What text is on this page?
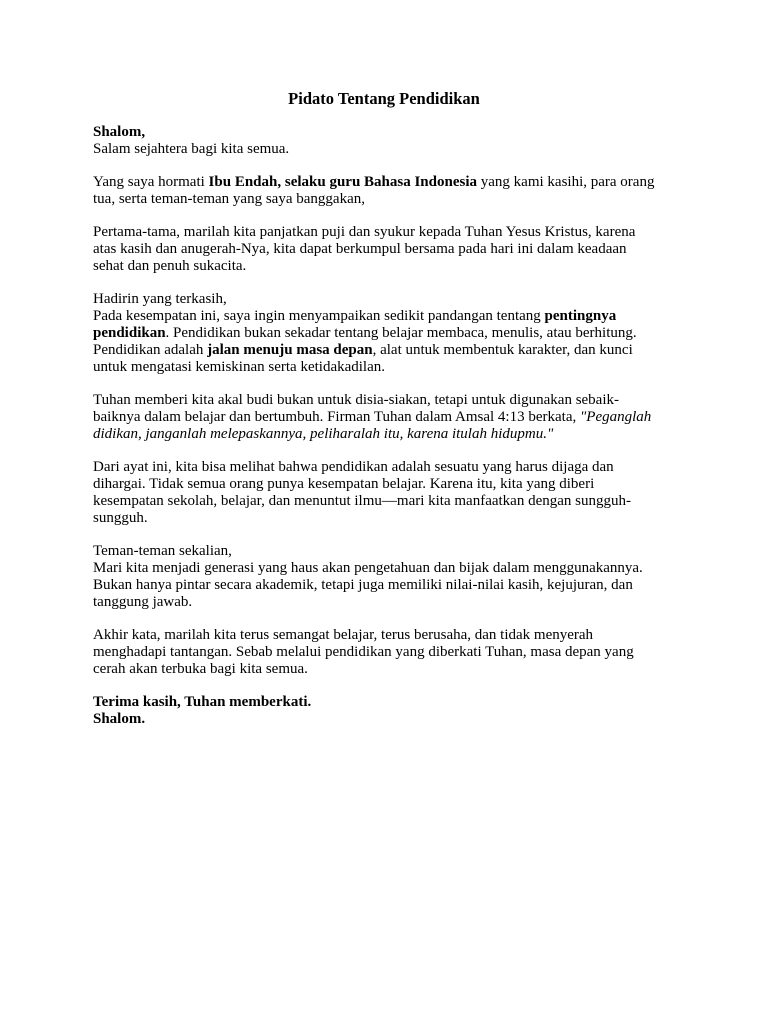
Pidato Tentang Pendidikan
Shalom,
Salam sejahtera bagi kita semua.
Yang saya hormati Ibu Endah, selaku guru Bahasa Indonesia yang kami kasihi, para orang
tua, serta teman-teman yang saya banggakan,
Pertama-tama, marilah kita panjatkan puji dan syukur kepada Tuhan Yesus Kristus, karena
atas kasih dan anugerah-Nya, kita dapat berkumpul bersama pada hari ini dalam keadaan
sehat dan penuh sukacita.
Hadirin yang terkasih,
Pada kesempatan ini, saya ingin menyampaikan sedikit pandangan tentang pentingnya
pendidikan. Pendidikan bukan sekadar tentang belajar membaca, menulis, atau berhitung.
Pendidikan adalah jalan menuju masa depan, alat untuk membentuk karakter, dan kunci
untuk mengatasi kemiskinan serta ketidakadilan.
Tuhan memberi kita akal budi bukan untuk disia-siakan, tetapi untuk digunakan sebaik-
baiknya dalam belajar dan bertumbuh. Firman Tuhan dalam Amsal 4:13 berkata, "Peganglah
didikan, janganlah melepaskannya, peliharalah itu, karena itulah hidupmu."
Dari ayat ini, kita bisa melihat bahwa pendidikan adalah sesuatu yang harus dijaga dan
dihargai. Tidak semua orang punya kesempatan belajar. Karena itu, kita yang diberi
kesempatan sekolah, belajar, dan menuntut ilmu—mari kita manfaatkan dengan sungguh-
sungguh.
Teman-teman sekalian,
Mari kita menjadi generasi yang haus akan pengetahuan dan bijak dalam menggunakannya.
Bukan hanya pintar secara akademik, tetapi juga memiliki nilai-nilai kasih, kejujuran, dan
tanggung jawab.
Akhir kata, marilah kita terus semangat belajar, terus berusaha, dan tidak menyerah
menghadapi tantangan. Sebab melalui pendidikan yang diberkati Tuhan, masa depan yang
cerah akan terbuka bagi kita semua.
Terima kasih, Tuhan memberkati.
Shalom.
